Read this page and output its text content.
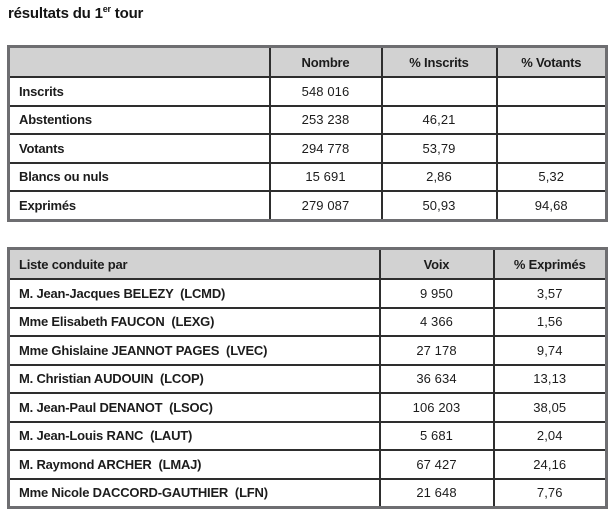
résultats du 1er tour
	Nombre	% Inscrits	% Votants
Inscrits	548 016		
Abstentions	253 238	46,21	
Votants	294 778	53,79	
Blancs ou nuls	15 691	2,86	5,32
Exprimés	279 087	50,93	94,68
Liste conduite par	Voix	% Exprimés
M. Jean-Jacques BELEZY  (LCMD)	9 950	3,57
Mme Elisabeth FAUCON  (LEXG)	4 366	1,56
Mme Ghislaine JEANNOT PAGES  (LVEC)	27 178	9,74
M. Christian AUDOUIN  (LCOP)	36 634	13,13
M. Jean-Paul DENANOT  (LSOC)	106 203	38,05
M. Jean-Louis RANC  (LAUT)	5 681	2,04
M. Raymond ARCHER  (LMAJ)	67 427	24,16
Mme Nicole DACCORD-GAUTHIER  (LFN)	21 648	7,76
